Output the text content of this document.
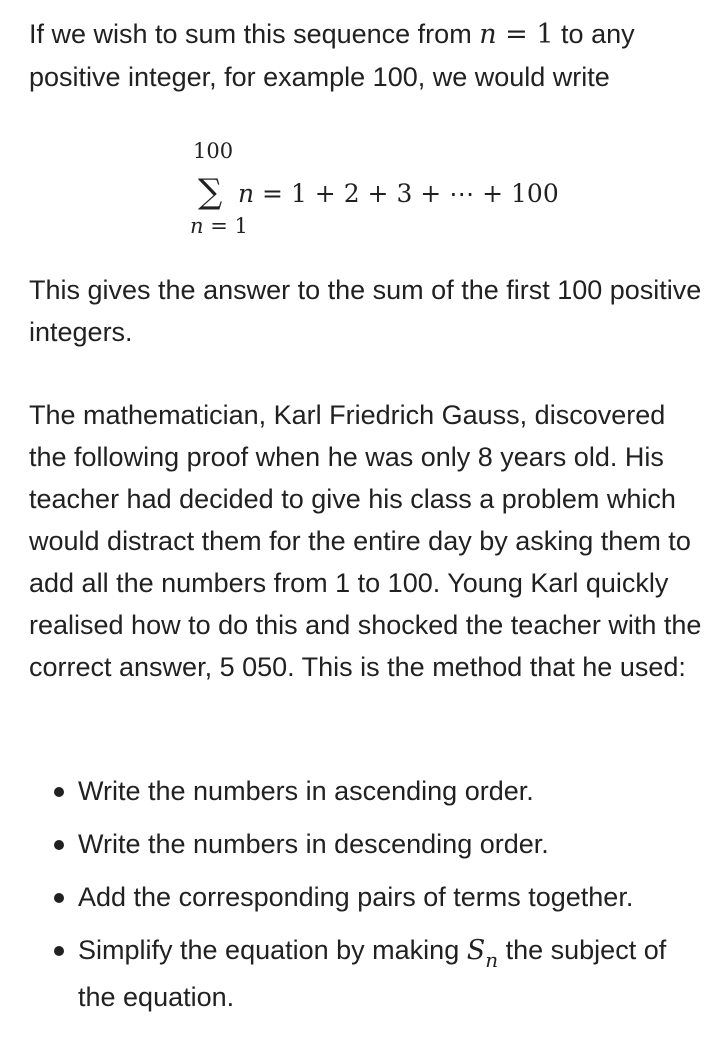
If we wish to sum this sequence from n = 1 to any positive integer, for example 100, we would write

100
∑ n = 1 + 2 + 3 + ⋯ + 100
n = 1

This gives the answer to the sum of the first 100 positive integers.

The mathematician, Karl Friedrich Gauss, discovered the following proof when he was only 8 years old. His teacher had decided to give his class a problem which would distract them for the entire day by asking them to add all the numbers from 1 to 100. Young Karl quickly realised how to do this and shocked the teacher with the correct answer, 5 050. This is the method that he used:

Write the numbers in ascending order.
Write the numbers in descending order.
Add the corresponding pairs of terms together.
Simplify the equation by making $S_n$ the subject of the equation.
